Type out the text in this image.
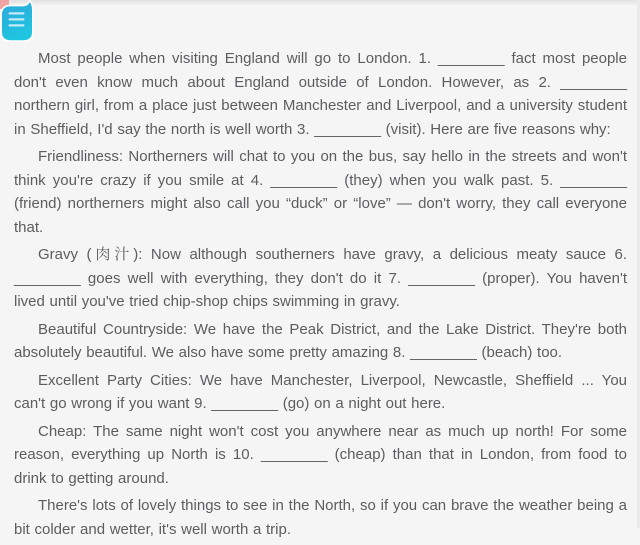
Most people when visiting England will go to London. 1. ________ fact most people don't even know much about England outside of London. However, as 2. ________ northern girl, from a place just between Manchester and Liverpool, and a university student in Sheffield, I'd say the north is well worth 3. ________ (visit). Here are five reasons why:

Friendliness: Northerners will chat to you on the bus, say hello in the streets and won't think you're crazy if you smile at 4. ________ (they) when you walk past. 5. ________ (friend) northerners might also call you “duck” or “love” — don't worry, they call everyone that.

Gravy (肉汁): Now although southerners have gravy, a delicious meaty sauce 6. ________ goes well with everything, they don't do it 7. ________ (proper). You haven't lived until you've tried chip-shop chips swimming in gravy.

Beautiful Countryside: We have the Peak District, and the Lake District. They're both absolutely beautiful. We also have some pretty amazing 8. ________ (beach) too.

Excellent Party Cities: We have Manchester, Liverpool, Newcastle, Sheffield ... You can't go wrong if you want 9. ________ (go) on a night out here.

Cheap: The same night won't cost you anywhere near as much up north! For some reason, everything up North is 10. ________ (cheap) than that in London, from food to drink to getting around.

There's lots of lovely things to see in the North, so if you can brave the weather being a bit colder and wetter, it's well worth a trip.
